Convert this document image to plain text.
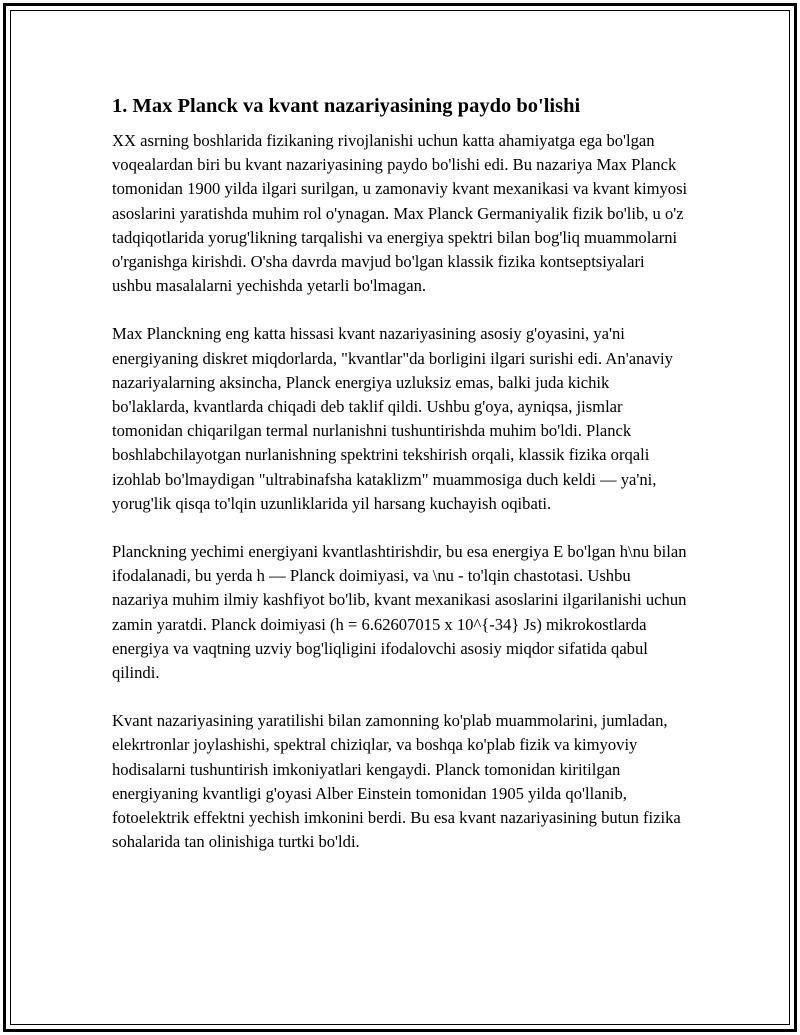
1. Max Planck va kvant nazariyasining paydo bo'lishi

XX asrning boshlarida fizikaning rivojlanishi uchun katta ahamiyatga ega bo'lgan voqealardan biri bu kvant nazariyasining paydo bo'lishi edi. Bu nazariya Max Planck tomonidan 1900 yilda ilgari surilgan, u zamonaviy kvant mexanikasi va kvant kimyosi asoslarini yaratishda muhim rol o'ynagan. Max Planck Germaniyalik fizik bo'lib, u o'z tadqiqotlarida yorug'likning tarqalishi va energiya spektri bilan bog'liq muammolarni o'rganishga kirishdi. O'sha davrda mavjud bo'lgan klassik fizika kontseptsiyalari ushbu masalalarni yechishda yetarli bo'lmagan.

Max Planckning eng katta hissasi kvant nazariyasining asosiy g'oyasini, ya'ni energiyaning diskret miqdorlarda, "kvantlar"da borligini ilgari surishi edi. An'anaviy nazariyalarning aksincha, Planck energiya uzluksiz emas, balki juda kichik bo'laklarda, kvantlarda chiqadi deb taklif qildi. Ushbu g'oya, ayniqsa, jismlar tomonidan chiqarilgan termal nurlanishni tushuntirishda muhim bo'ldi. Planck boshlabchilayotgan nurlanishning spektrini tekshirish orqali, klassik fizika orqali izohlab bo'lmaydigan "ultrabinafsha kataklizm" muammosiga duch keldi — ya'ni, yorug'lik qisqa to'lqin uzunliklarida yil harsang kuchayish oqibati.

Planckning yechimi energiyani kvantlashtirishdir, bu esa energiya E bo'lgan h\nu bilan ifodalanadi, bu yerda h — Planck doimiyasi, va \nu - to'lqin chastotasi. Ushbu nazariya muhim ilmiy kashfiyot bo'lib, kvant mexanikasi asoslarini ilgarilanishi uchun zamin yaratdi. Planck doimiyasi (h = 6.62607015 x 10^{-34} Js) mikrokostlarda energiya va vaqtning uzviy bog'liqligini ifodalovchi asosiy miqdor sifatida qabul qilindi.

Kvant nazariyasining yaratilishi bilan zamonning ko'plab muammolarini, jumladan, elekrtronlar joylashishi, spektral chiziqlar, va boshqa ko'plab fizik va kimyoviy hodisalarni tushuntirish imkoniyatlari kengaydi. Planck tomonidan kiritilgan energiyaning kvantligi g'oyasi Alber Einstein tomonidan 1905 yilda qo'llanib, fotoelektrik effektni yechish imkonini berdi. Bu esa kvant nazariyasining butun fizika sohalarida tan olinishiga turtki bo'ldi.
